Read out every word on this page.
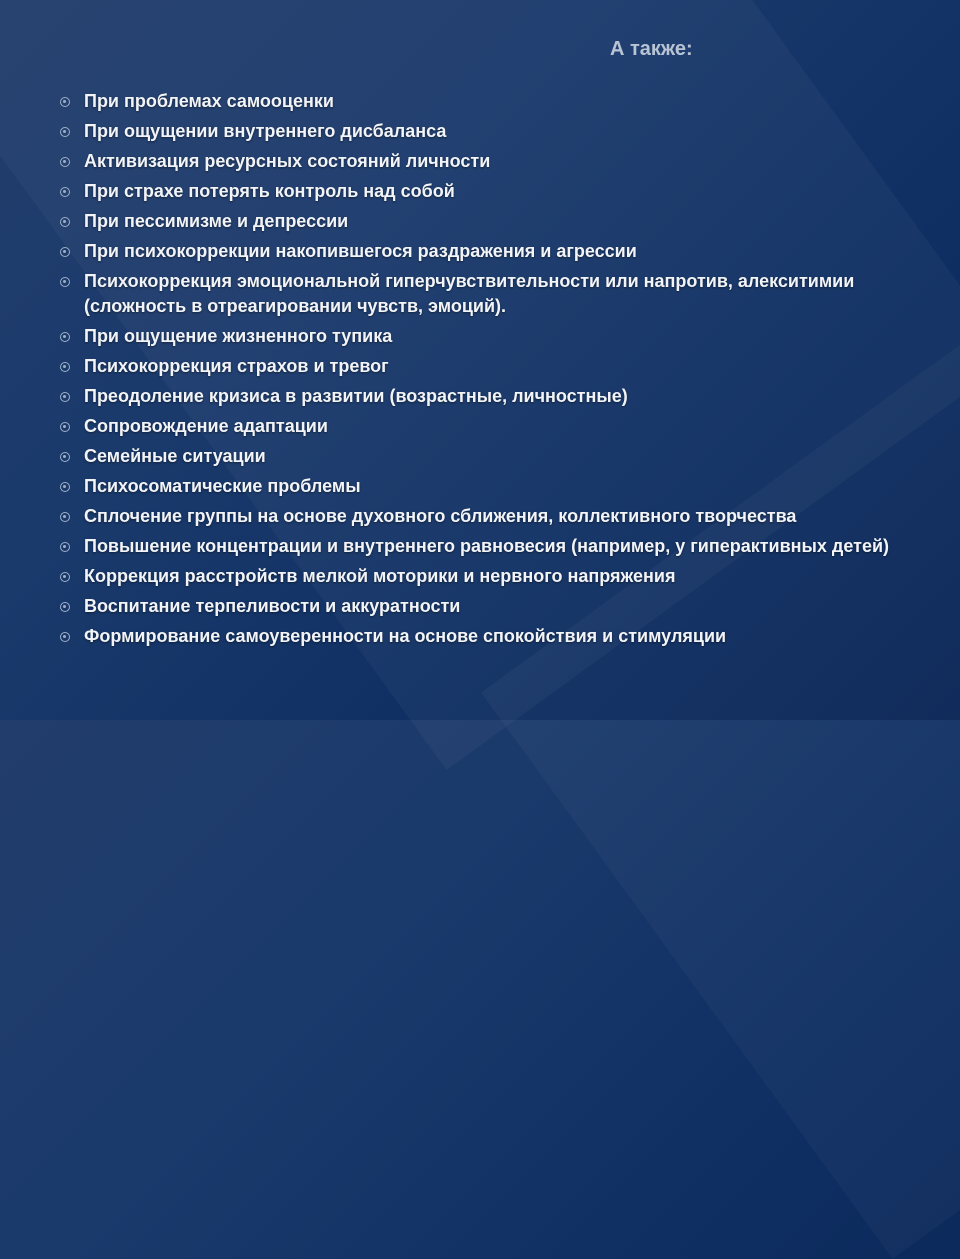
А также:
При проблемах самооценки
При ощущении внутреннего дисбаланса
Активизация ресурсных состояний личности
При страхе потерять контроль над собой
При пессимизме и депрессии
При психокоррекции накопившегося раздражения и агрессии
Психокоррекция эмоциональной гиперчувствительности или напротив, алекситимии (сложность в отреагировании чувств, эмоций).
При ощущение жизненного тупика
Психокоррекция страхов и тревог
Преодоление кризиса в развитии (возрастные, личностные)
Сопровождение адаптации
Семейные ситуации
Психосоматические проблемы
Сплочение группы на основе духовного сближения, коллективного творчества
Повышение концентрации и внутреннего равновесия (например, у гиперактивных детей)
Коррекция расстройств мелкой моторики и нервного напряжения
Воспитание терпеливости и аккуратности
Формирование самоуверенности на основе спокойствия и стимуляции
